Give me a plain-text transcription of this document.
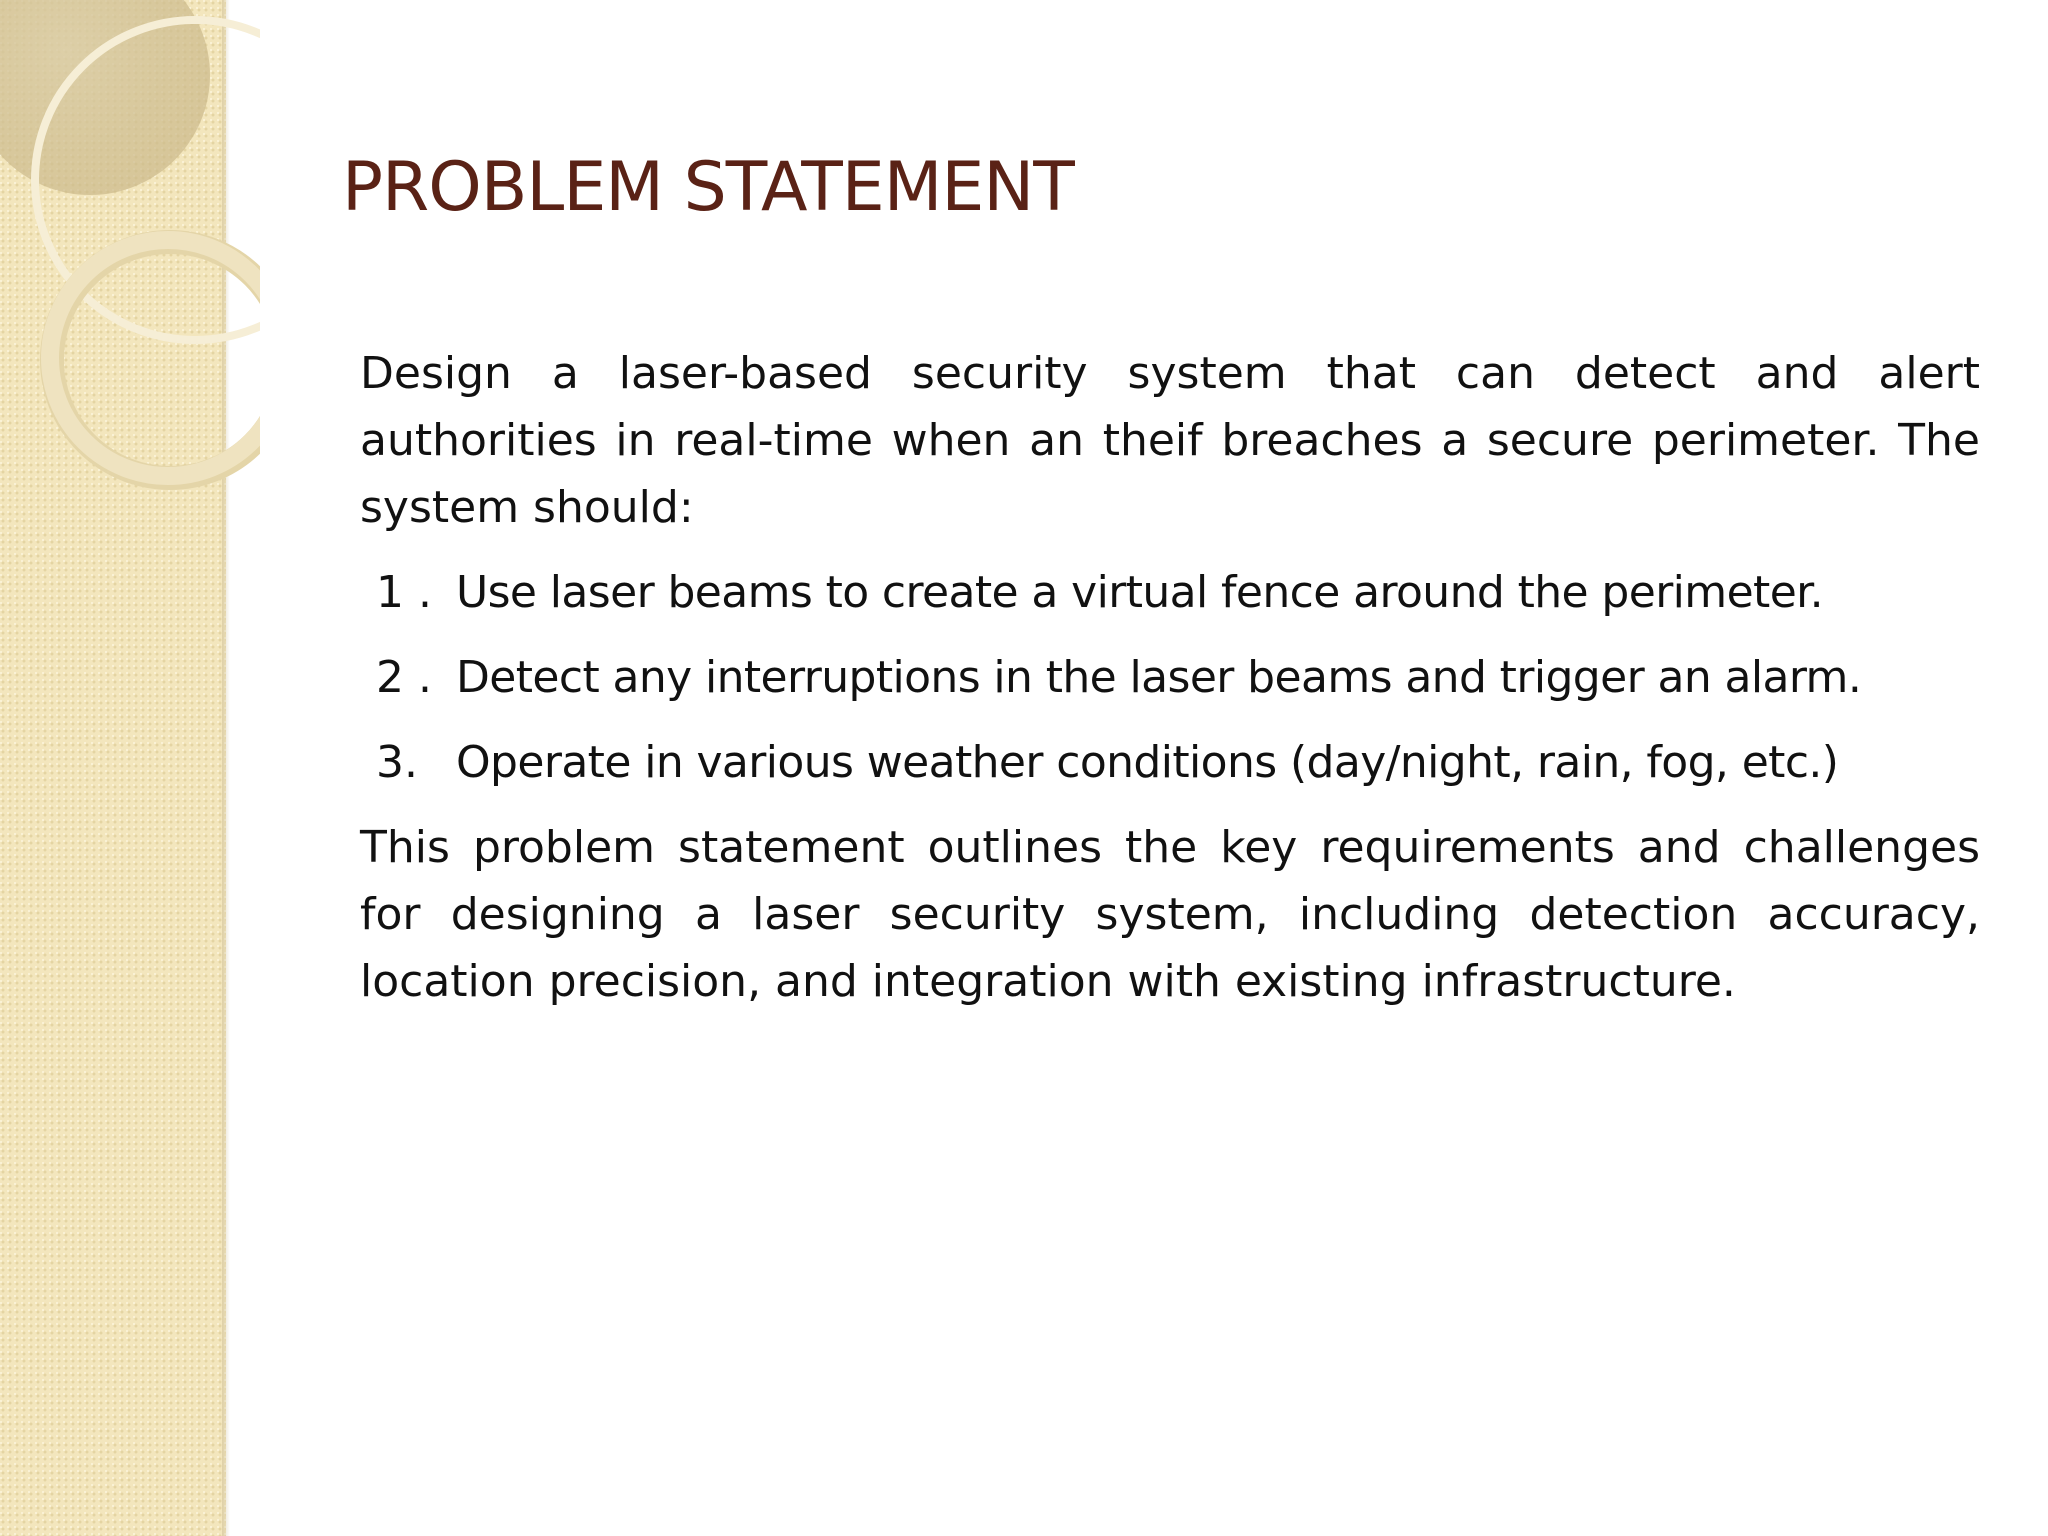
PROBLEM STATEMENT

Design a laser-based security system that can detect and alert authorities in real-time when an theif breaches a secure perimeter. The system should:

1 . Use laser beams to create a virtual fence around the perimeter.
2 . Detect any interruptions in the laser beams and trigger an alarm.
3. Operate in various weather conditions (day/night, rain, fog, etc.)

This problem statement outlines the key requirements and challenges for designing a laser security system, including detection accuracy, location precision, and integration with existing infrastructure.
